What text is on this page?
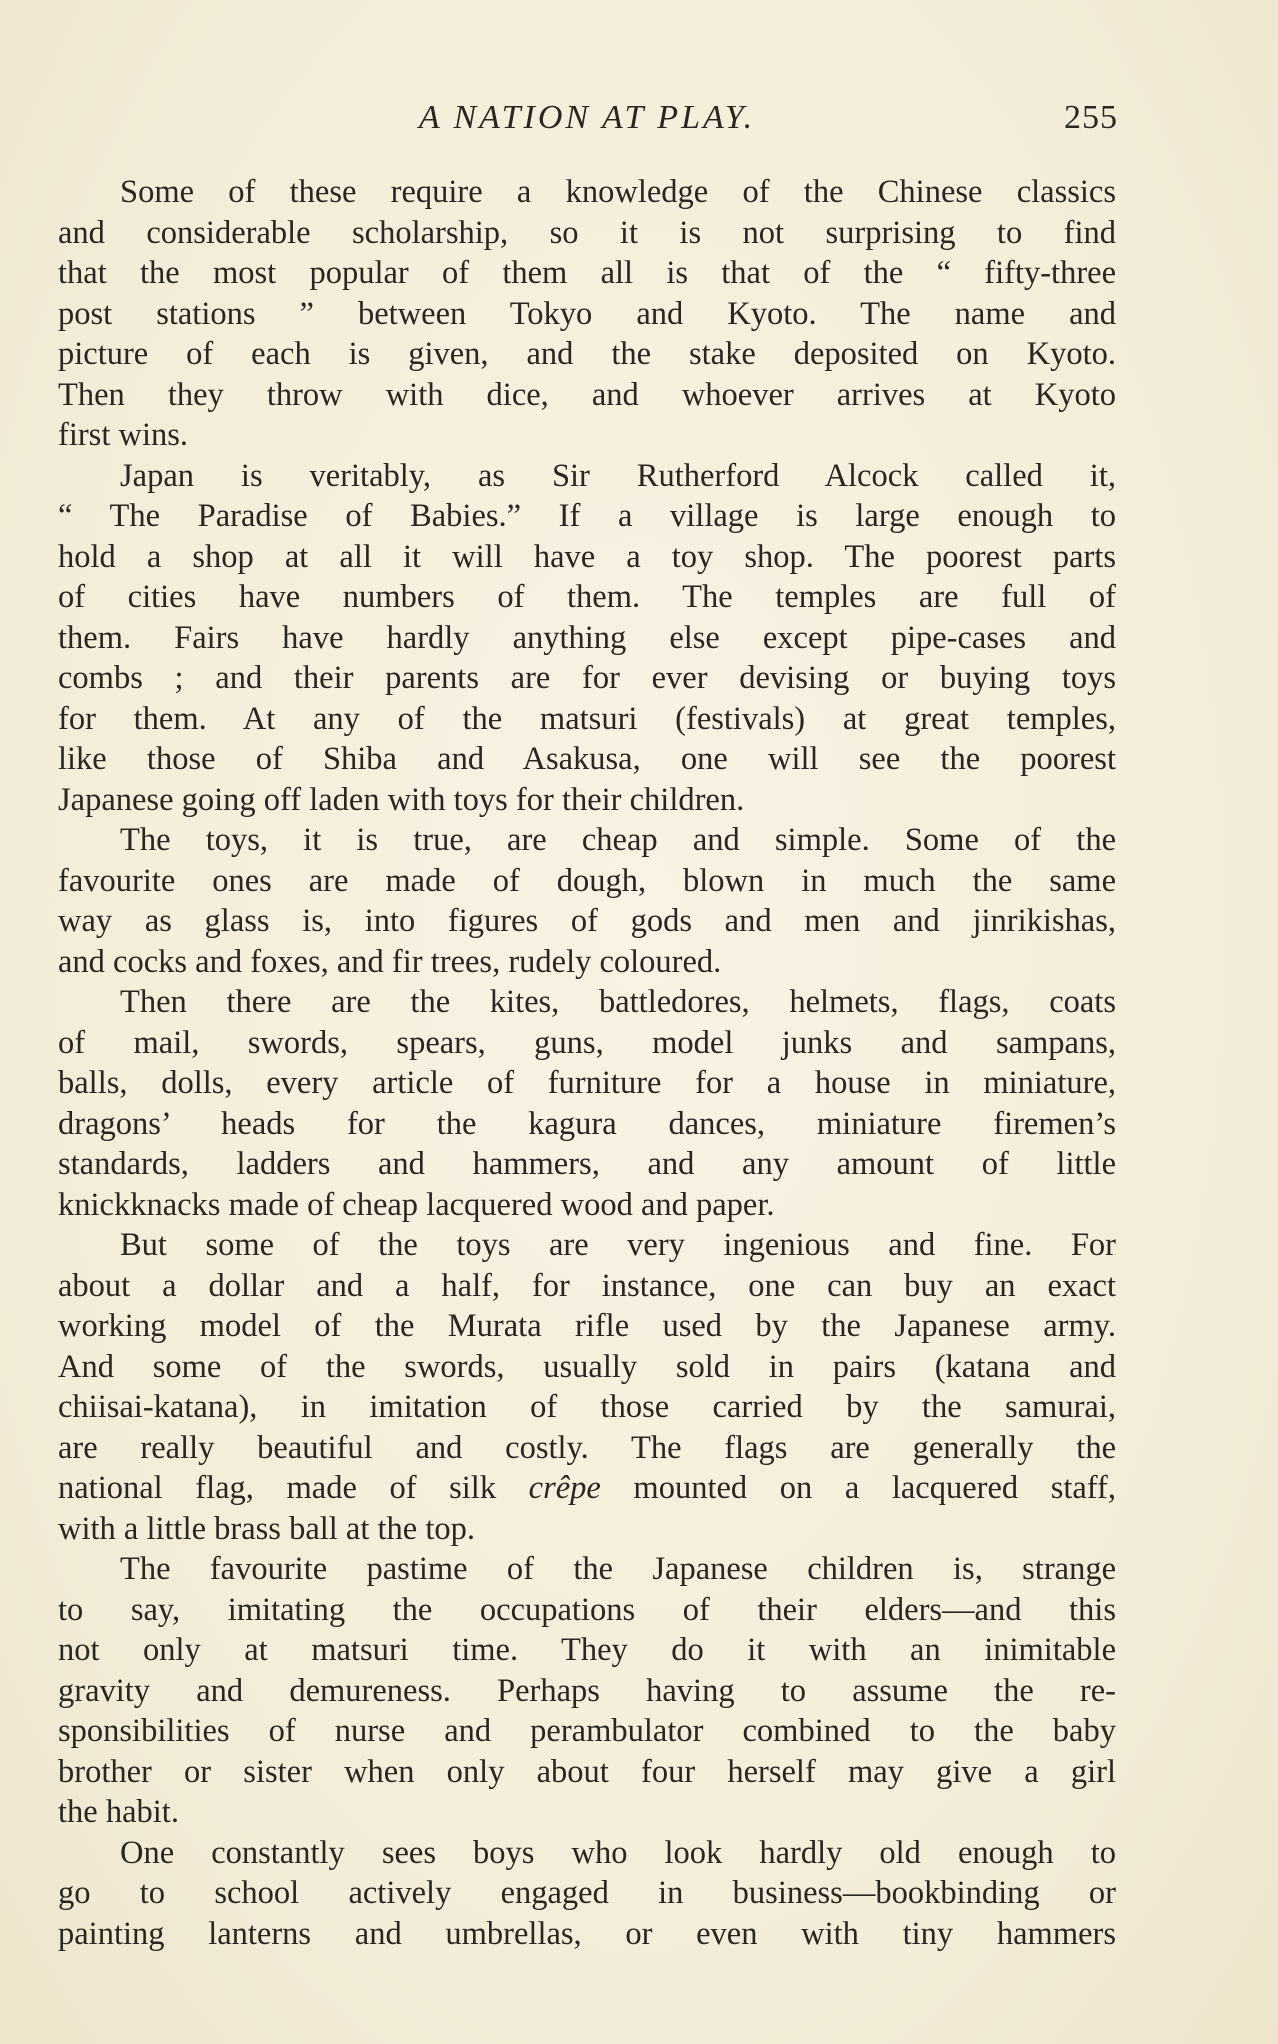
A NATION AT PLAY.	255
Some of these require a knowledge of the Chinese classics
and considerable scholarship, so it is not surprising to find
that the most popular of them all is that of the “ fifty-three
post stations ” between Tokyo and Kyoto. The name and
picture of each is given, and the stake deposited on Kyoto.
Then they throw with dice, and whoever arrives at Kyoto
first wins.
Japan is veritably, as Sir Rutherford Alcock called it,
“ The Paradise of Babies.” If a village is large enough to
hold a shop at all it will have a toy shop. The poorest parts
of cities have numbers of them. The temples are full of
them. Fairs have hardly anything else except pipe-cases and
combs ; and their parents are for ever devising or buying toys
for them. At any of the matsuri (festivals) at great temples,
like those of Shiba and Asakusa, one will see the poorest
Japanese going off laden with toys for their children.
The toys, it is true, are cheap and simple. Some of the
favourite ones are made of dough, blown in much the same
way as glass is, into figures of gods and men and jinrikishas,
and cocks and foxes, and fir trees, rudely coloured.
Then there are the kites, battledores, helmets, flags, coats
of mail, swords, spears, guns, model junks and sampans,
balls, dolls, every article of furniture for a house in miniature,
dragons’ heads for the kagura dances, miniature firemen’s
standards, ladders and hammers, and any amount of little
knickknacks made of cheap lacquered wood and paper.
But some of the toys are very ingenious and fine. For
about a dollar and a half, for instance, one can buy an exact
working model of the Murata rifle used by the Japanese army.
And some of the swords, usually sold in pairs (katana and
chiisai-katana), in imitation of those carried by the samurai,
are really beautiful and costly. The flags are generally the
national flag, made of silk crêpe mounted on a lacquered staff,
with a little brass ball at the top.
The favourite pastime of the Japanese children is, strange
to say, imitating the occupations of their elders—and this
not only at matsuri time. They do it with an inimitable
gravity and demureness. Perhaps having to assume the re-
sponsibilities of nurse and perambulator combined to the baby
brother or sister when only about four herself may give a girl
the habit.
One constantly sees boys who look hardly old enough to
go to school actively engaged in business—bookbinding or
painting lanterns and umbrellas, or even with tiny hammers
